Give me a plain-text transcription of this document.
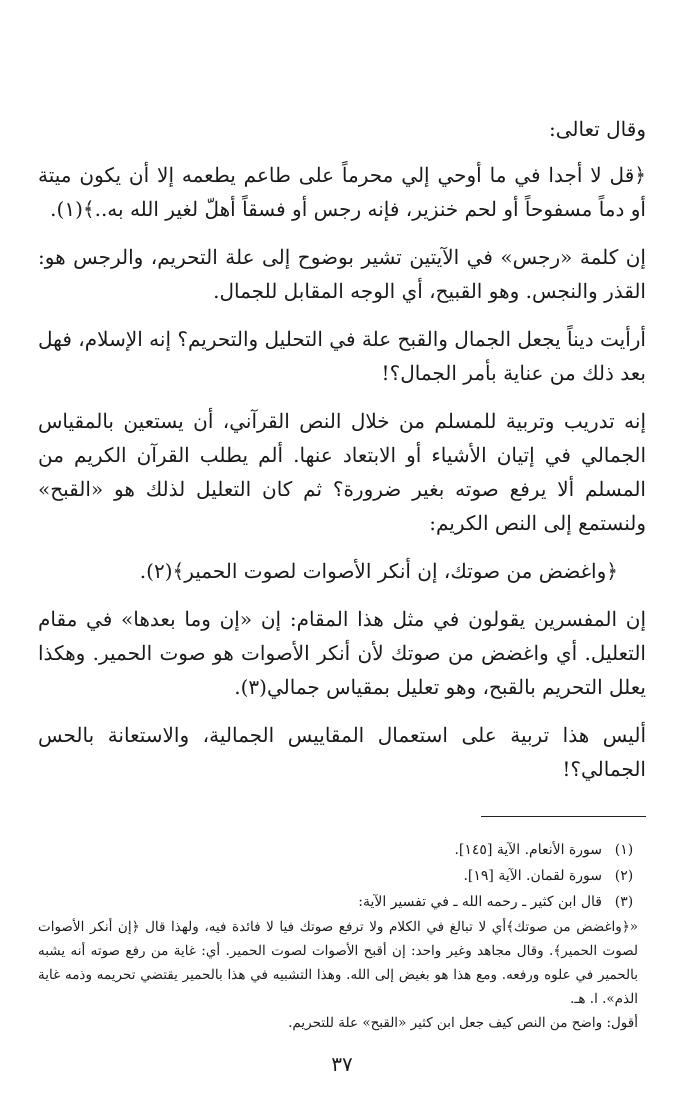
وقال تعالى:

﴿قل لا أجدا في ما أوحي إلي محرماً على طاعم يطعمه إلا أن يكون ميتة أو دماً مسفوحاً أو لحم خنزير، فإنه رجس أو فسقاً أهلّ لغير الله به..﴾(١).

إن كلمة «رجس» في الآيتين تشير بوضوح إلى علة التحريم، والرجس هو: القذر والنجس. وهو القبيح، أي الوجه المقابل للجمال.

أرأيت ديناً يجعل الجمال والقبح علة في التحليل والتحريم؟ إنه الإسلام، فهل بعد ذلك من عناية بأمر الجمال؟!

إنه تدريب وتربية للمسلم من خلال النص القرآني، أن يستعين بالمقياس الجمالي في إتيان الأشياء أو الابتعاد عنها. ألم يطلب القرآن الكريم من المسلم ألا يرفع صوته بغير ضرورة؟ ثم كان التعليل لذلك هو «القبح» ولنستمع إلى النص الكريم:

﴿واغضض من صوتك، إن أنكر الأصوات لصوت الحمير﴾(٢).

إن المفسرين يقولون في مثل هذا المقام: إن «إن وما بعدها» في مقام التعليل. أي واغضض من صوتك لأن أنكر الأصوات هو صوت الحمير. وهكذا يعلل التحريم بالقبح، وهو تعليل بمقياس جمالي(٣).

أليس هذا تربية على استعمال المقاييس الجمالية، والاستعانة بالحس الجمالي؟!

(١)
سورة الأنعام. الآية [١٤٥].
(٢)
سورة لقمان. الآية [١٩].
(٣)
قال ابن كثير ـ رحمه الله ـ في تفسير الآية:
«﴿واغضض من صوتك﴾أي لا تبالغ في الكلام ولا ترفع صوتك فيا لا فائدة فيه، ولهذا قال ﴿إن أنكر الأصوات لصوت الحمير﴾. وقال مجاهد وغير واحد: إن أقبح الأصوات لصوت الحمير. أي: غاية من رفع صوته أنه يشبه بالحمير في علوه ورفعه. ومع هذا هو بغيض إلى الله. وهذا التشبيه في هذا بالحمير يقتضي تحريمه وذمه غاية الذم». ا. هـ.
أقول: واضح من النص كيف جعل ابن كثير «القبح» علة للتحريم.
٣٧
